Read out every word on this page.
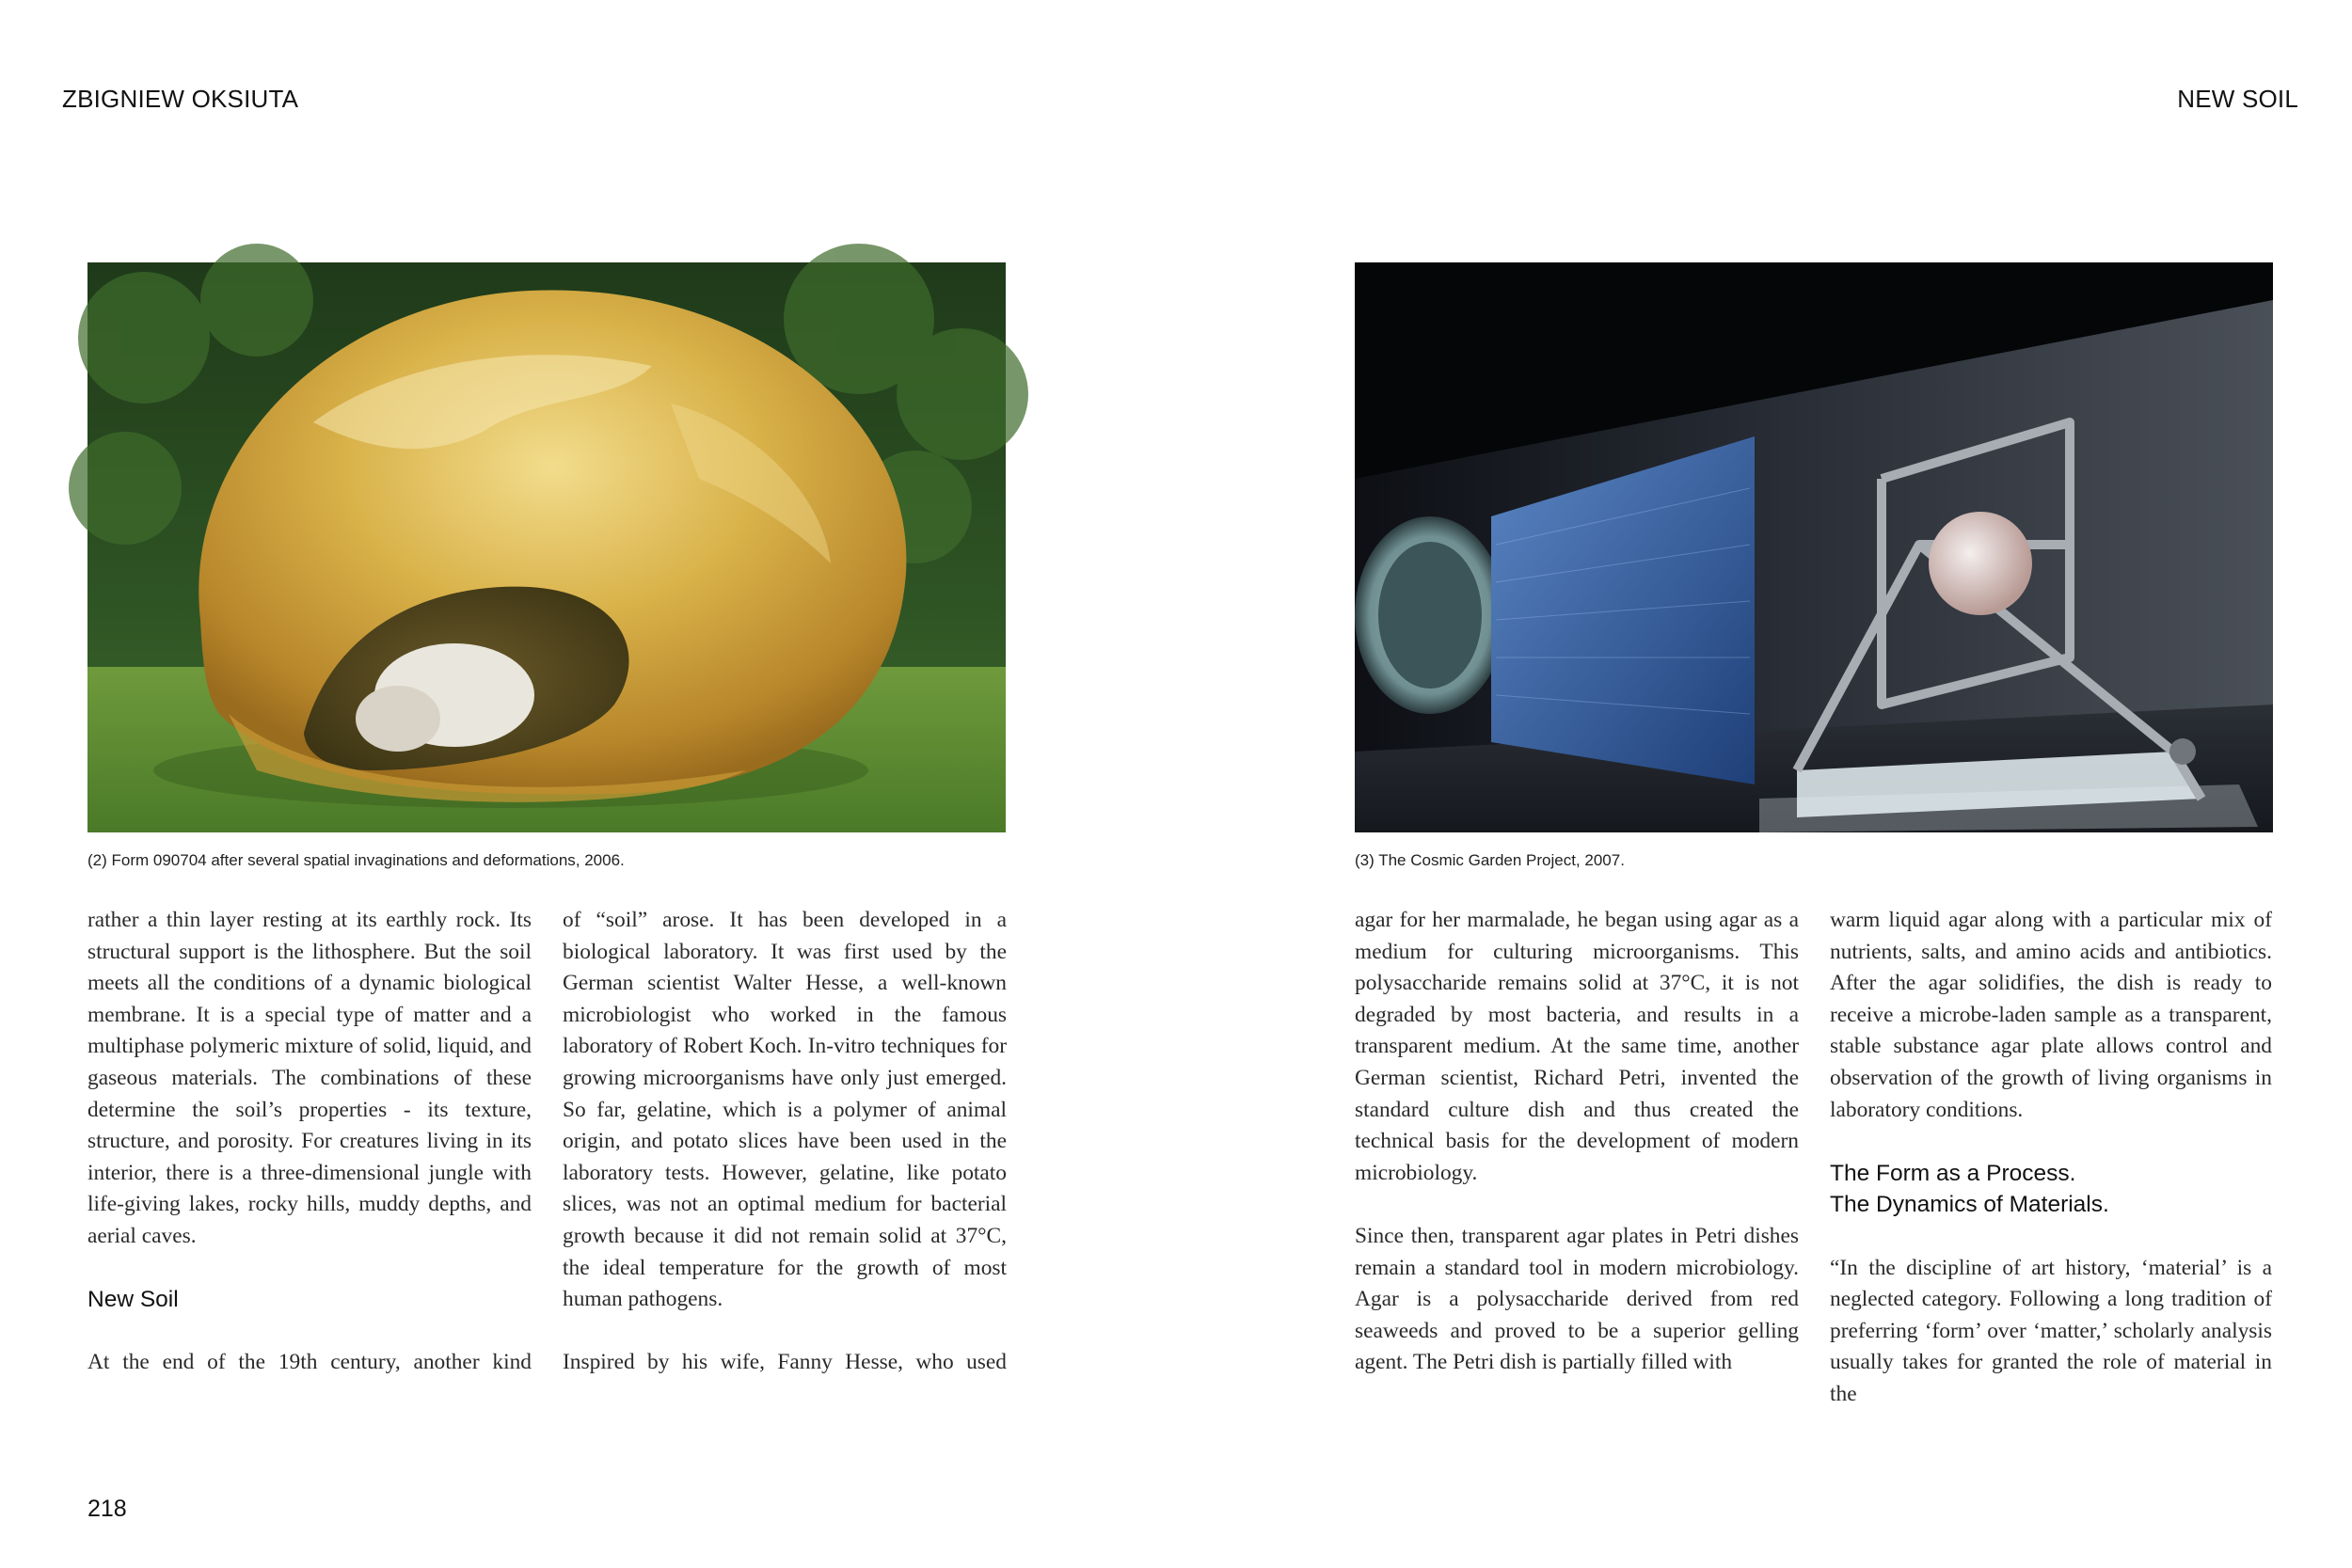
ZBIGNIEW OKSIUTA	NEW SOIL
(2) Form 090704 after several spatial invaginations and deformations, 2006.	(3) The Cosmic Garden Project, 2007.

rather a thin layer resting at its earthly rock. Its structural support is the lithosphere. But the soil meets all the conditions of a dynamic biological membrane. It is a special type of matter and a multiphase polymeric mixture of solid, liquid, and gaseous materials. The combinations of these determine the soil’s properties - its texture, structure, and porosity. For creatures living in its interior, there is a three-dimensional jungle with life-giving lakes, rocky hills, muddy depths, and aerial caves.

New Soil

At the end of the 19th century, another kind

of “soil” arose. It has been developed in a biological laboratory. It was first used by the German scientist Walter Hesse, a well-known microbiologist who worked in the famous laboratory of Robert Koch. In-vitro techniques for growing microorganisms have only just emerged. So far, gelatine, which is a polymer of animal origin, and potato slices have been used in the laboratory tests. However, gelatine, like potato slices, was not an optimal medium for bacterial growth because it did not remain solid at 37°C, the ideal temperature for the growth of most human pathogens.

Inspired by his wife, Fanny Hesse, who used

agar for her marmalade, he began using agar as a medium for culturing microorganisms. This polysaccharide remains solid at 37°C, it is not degraded by most bacteria, and results in a transparent medium. At the same time, another German scientist, Richard Petri, invented the standard culture dish and thus created the technical basis for the development of modern microbiology.

Since then, transparent agar plates in Petri dishes remain a standard tool in modern microbiology. Agar is a polysaccharide derived from red seaweeds and proved to be a superior gelling agent. The Petri dish is partially filled with

warm liquid agar along with a particular mix of nutrients, salts, and amino acids and antibiotics. After the agar solidifies, the dish is ready to receive a microbe-laden sample as a transparent, stable substance agar plate allows control and observation of the growth of living organisms in laboratory conditions.

The Form as a Process.
The Dynamics of Materials.

“In the discipline of art history, ‘material’ is a neglected category. Following a long tradition of preferring ‘form’ over ‘matter,’ scholarly analysis usually takes for granted the role of material in the

218
